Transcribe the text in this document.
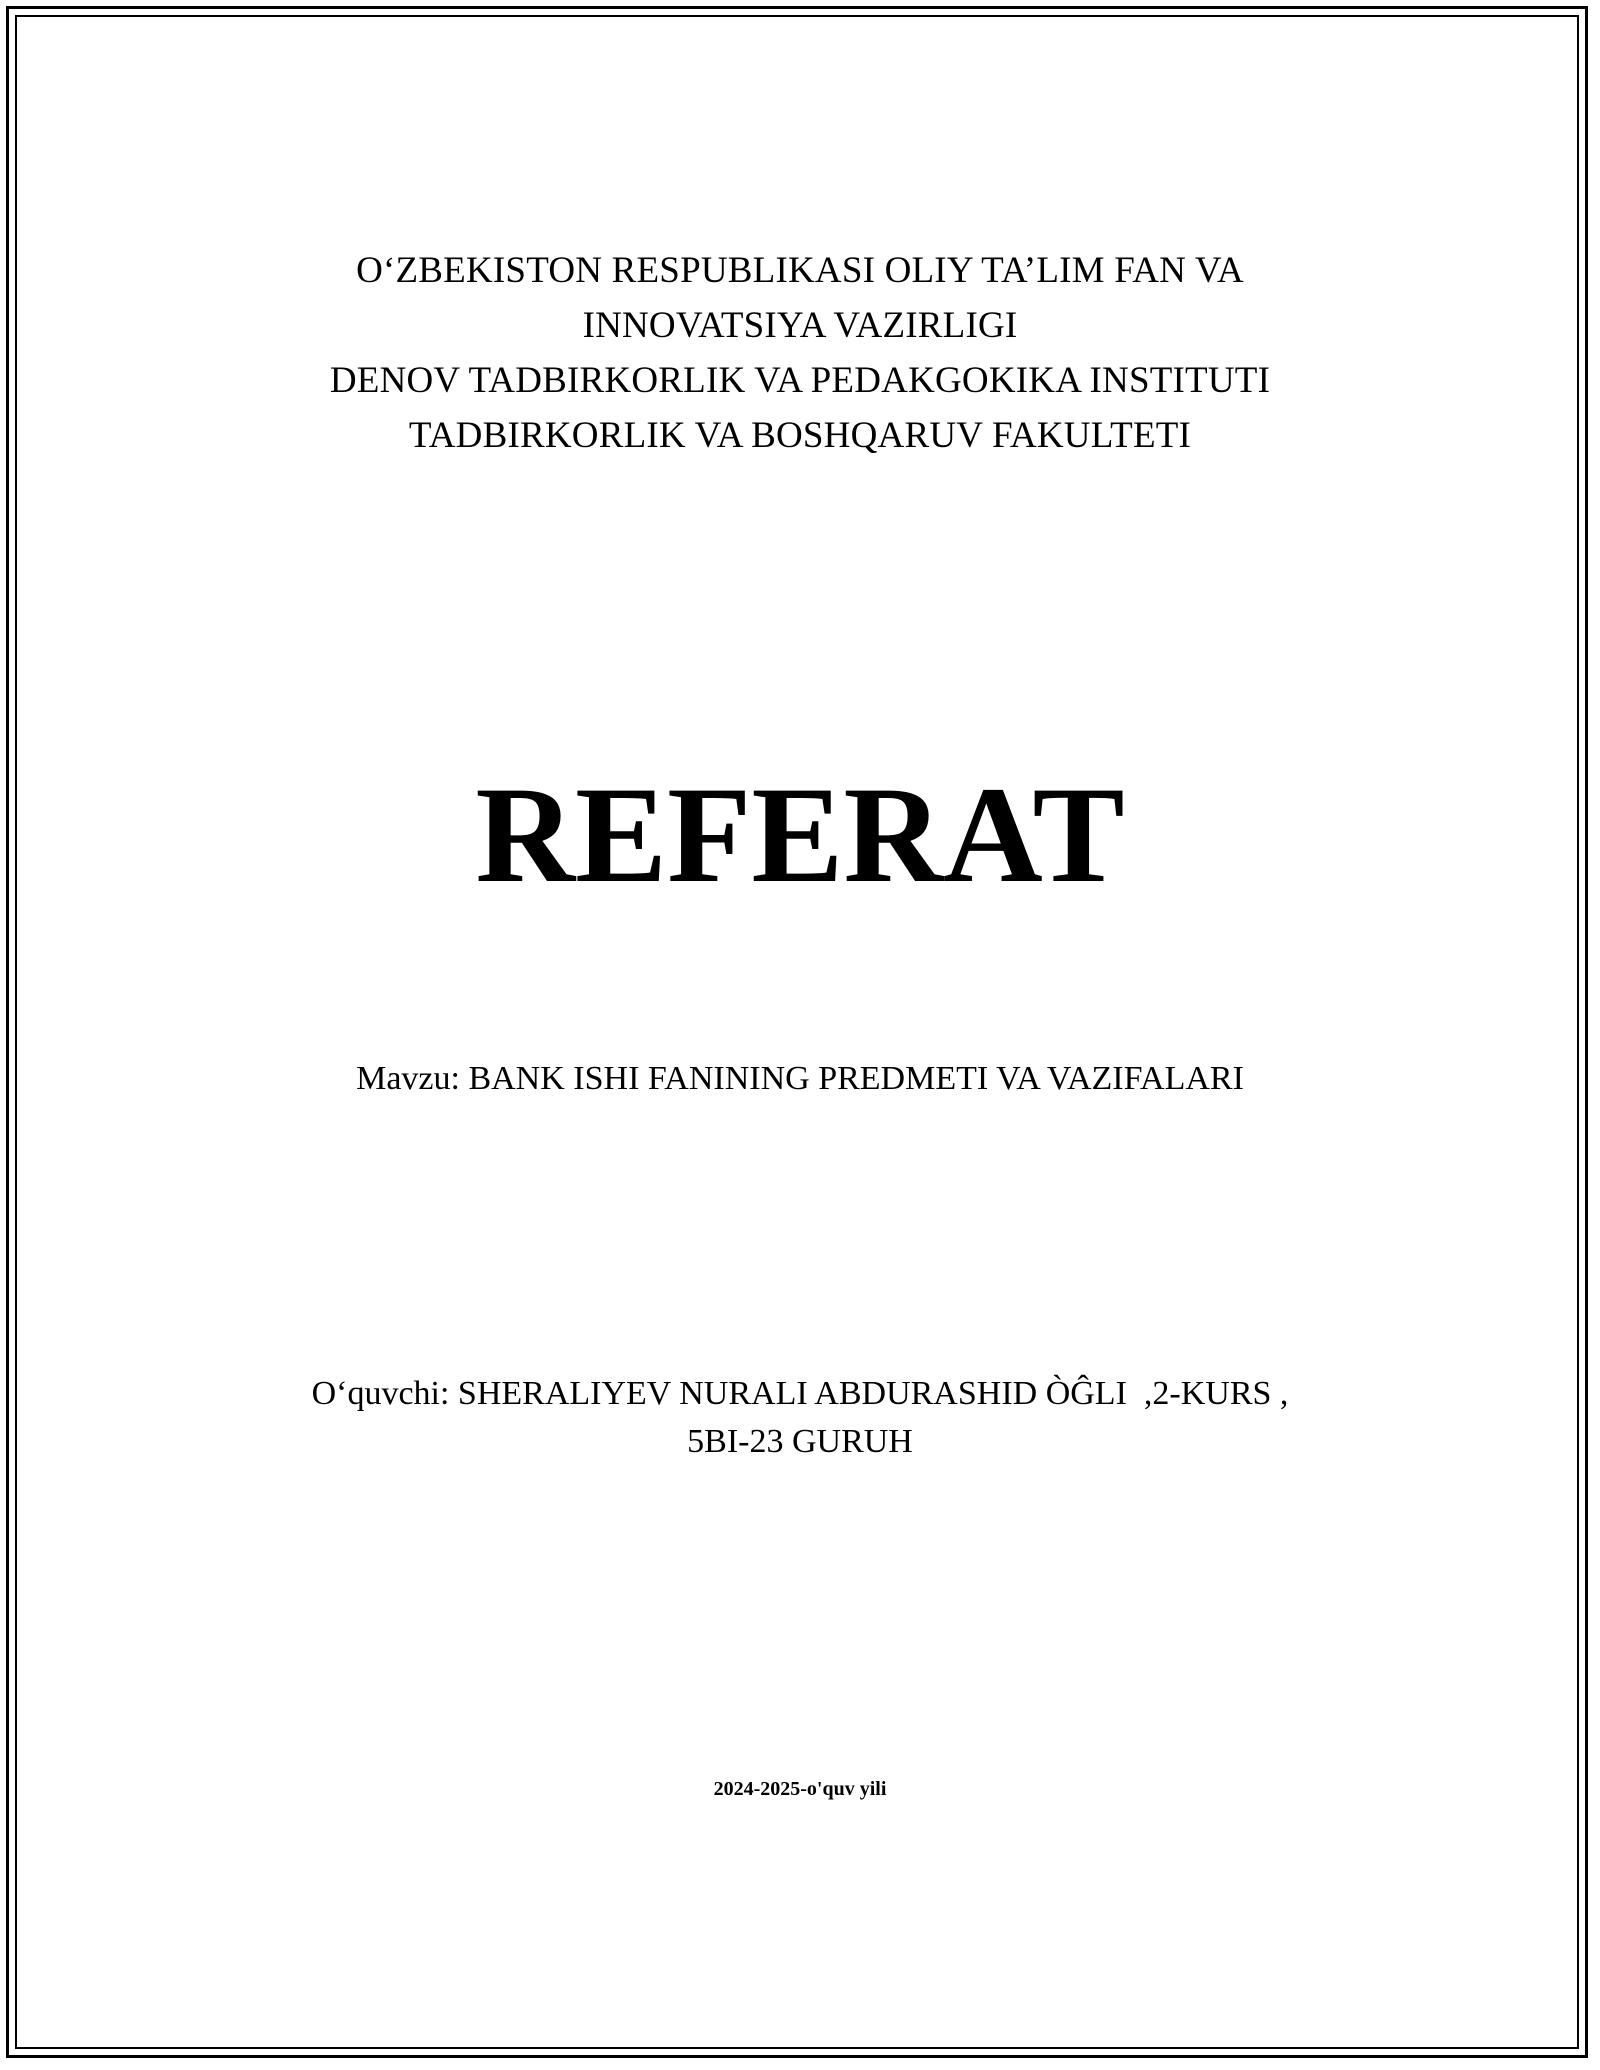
O‘ZBEKISTON RESPUBLIKASI OLIY TA’LIM FAN VA
INNOVATSIYA VAZIRLIGI
DENOV TADBIRKORLIK VA PEDAKGOKIKA INSTITUTI
TADBIRKORLIK VA BOSHQARUV FAKULTETI
REFERAT
Mavzu: BANK ISHI FANINING PREDMETI VA VAZIFALARI
O‘quvchi: SHERALIYEV NURALI ABDURASHID ÒĜLI  ,2-KURS ,
5BI-23 GURUH
2024-2025-o'quv yili
